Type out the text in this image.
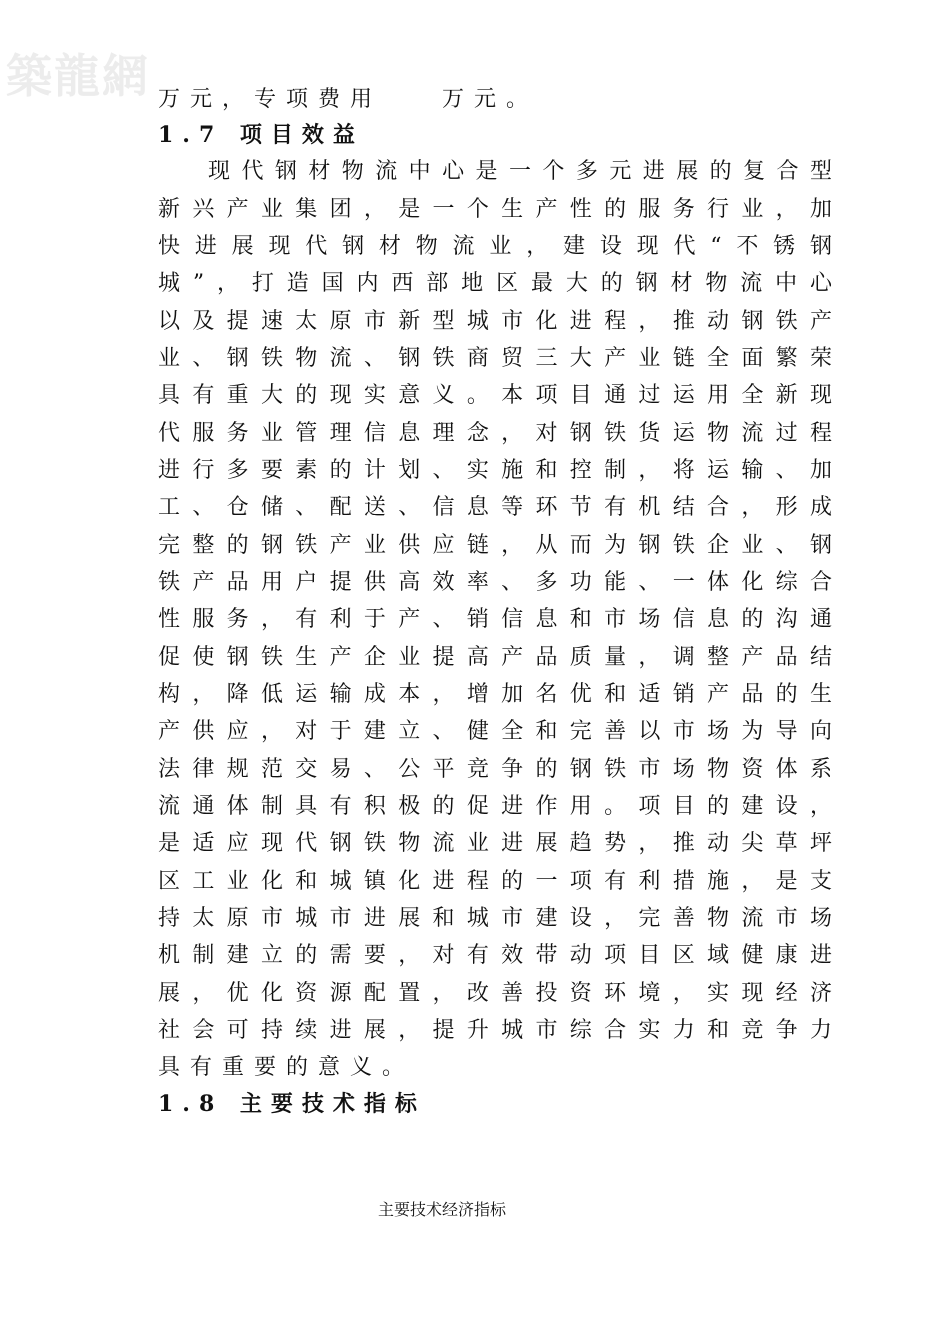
築龍網 万元，专项费用	万元。
1.7 项目效益
现代钢材物流中心是一个多元进展的复合型
新兴产业集团，是一个生产性的服务行业，加
快进展现代钢材物流业，建设现代“不锈钢
城”，打造国内西部地区最大的钢材物流中心
以及提速太原市新型城市化进程，推动钢铁产
业、钢铁物流、钢铁商贸三大产业链全面繁荣
具有重大的现实意义。本项目通过运用全新现
代服务业管理信息理念，对钢铁货运物流过程
进行多要素的计划、实施和控制，将运输、加
工、仓储、配送、信息等环节有机结合，形成
完整的钢铁产业供应链，从而为钢铁企业、钢
铁产品用户提供高效率、多功能、一体化综合
性服务，有利于产、销信息和市场信息的沟通
促使钢铁生产企业提高产品质量，调整产品结
构，降低运输成本，增加名优和适销产品的生
产供应，对于建立、健全和完善以市场为导向
法律规范交易、公平竞争的钢铁市场物资体系
流通体制具有积极的促进作用。项目的建设，
是适应现代钢铁物流业进展趋势，推动尖草坪
区工业化和城镇化进程的一项有利措施，是支
持太原市城市进展和城市建设，完善物流市场
机制建立的需要，对有效带动项目区域健康进
展，优化资源配置，改善投资环境，实现经济
社会可持续进展，提升城市综合实力和竞争力
具有重要的意义。
1.8 主要技术指标
主要技术经济指标
